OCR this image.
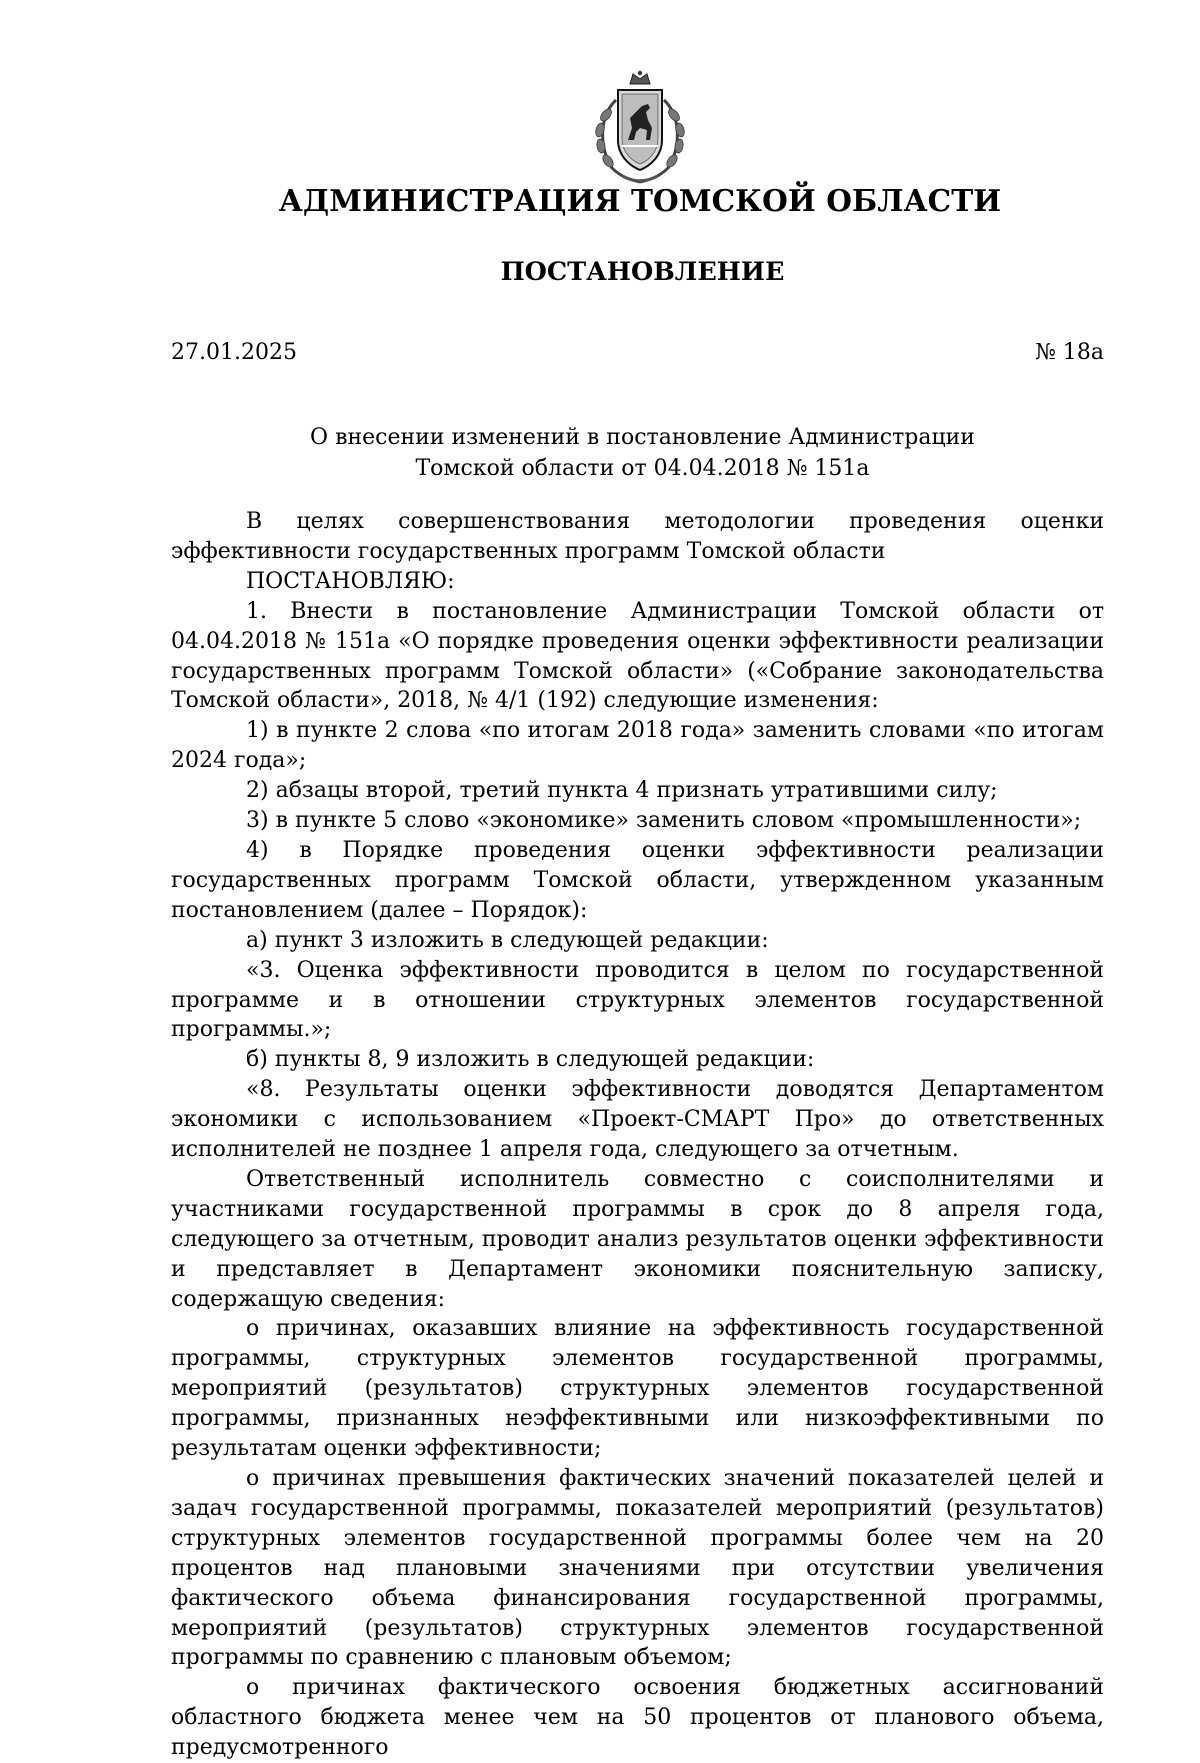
АДМИНИСТРАЦИЯ ТОМСКОЙ ОБЛАСТИ
ПОСТАНОВЛЕНИЕ
27.01.2025	№ 18а
О внесении изменений в постановление Администрации
Томской области от 04.04.2018 № 151а

В целях совершенствования методологии проведения оценки эффективности государственных программ Томской области

ПОСТАНОВЛЯЮ:

1. Внести в постановление Администрации Томской области от 04.04.2018 № 151а «О порядке проведения оценки эффективности реализации государственных программ Томской области» («Собрание законодательства Томской области», 2018, № 4/1 (192) следующие изменения:

1) в пункте 2 слова «по итогам 2018 года» заменить словами «по итогам 2024 года»;

2) абзацы второй, третий пункта 4 признать утратившими силу;

3) в пункте 5 слово «экономике» заменить словом «промышленности»;

4) в Порядке проведения оценки эффективности реализации государственных программ Томской области, утвержденном указанным постановлением (далее – Порядок):

а) пункт 3 изложить в следующей редакции:

«3. Оценка эффективности проводится в целом по государственной программе и в отношении структурных элементов государственной программы.»;

б) пункты 8, 9 изложить в следующей редакции:

«8. Результаты оценки эффективности доводятся Департаментом экономики с использованием «Проект-СМАРТ Про» до ответственных исполнителей не позднее 1 апреля года, следующего за отчетным.

Ответственный исполнитель совместно с соисполнителями и участниками государственной программы в срок до 8 апреля года, следующего за отчетным, проводит анализ результатов оценки эффективности и представляет в Департамент экономики пояснительную записку, содержащую сведения:

о причинах, оказавших влияние на эффективность государственной программы, структурных элементов государственной программы, мероприятий (результатов) структурных элементов государственной программы, признанных неэффективными или низкоэффективными по результатам оценки эффективности;

о причинах превышения фактических значений показателей целей и задач государственной программы, показателей мероприятий (результатов) структурных элементов государственной программы более чем на 20 процентов над плановыми значениями при отсутствии увеличения фактического объема финансирования государственной программы, мероприятий (результатов) структурных элементов государственной программы по сравнению с плановым объемом;

о причинах фактического освоения бюджетных ассигнований областного бюджета менее чем на 50 процентов от планового объема, предусмотренного
